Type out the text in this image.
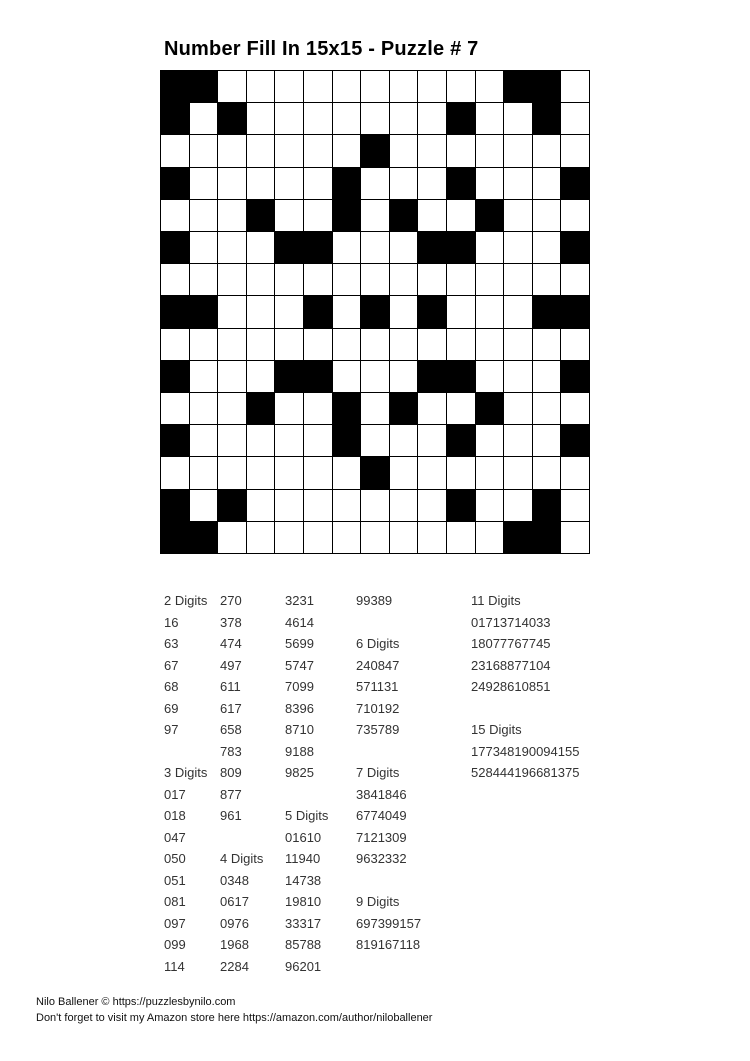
Number Fill In 15x15 - Puzzle # 7
2 Digits
16
63
67
68
69
97
3 Digits
017
018
047
050
051
081
097
099
114
270
378
474
497
611
617
658
783
809
877
961
4 Digits
0348
0617
0976
1968
2284
3231
4614
5699
5747
7099
8396
8710
9188
9825
5 Digits
01610
11940
14738
19810
33317
85788
96201
99389
6 Digits
240847
571131
710192
735789
7 Digits
3841846
6774049
7121309
9632332
9 Digits
697399157
819167118
11 Digits
01713714033
18077767745
23168877104
24928610851
15 Digits
177348190094155
528444196681375
Nilo Ballener © https://puzzlesbynilo.com
Don't forget to visit my Amazon store here https://amazon.com/author/niloballener
